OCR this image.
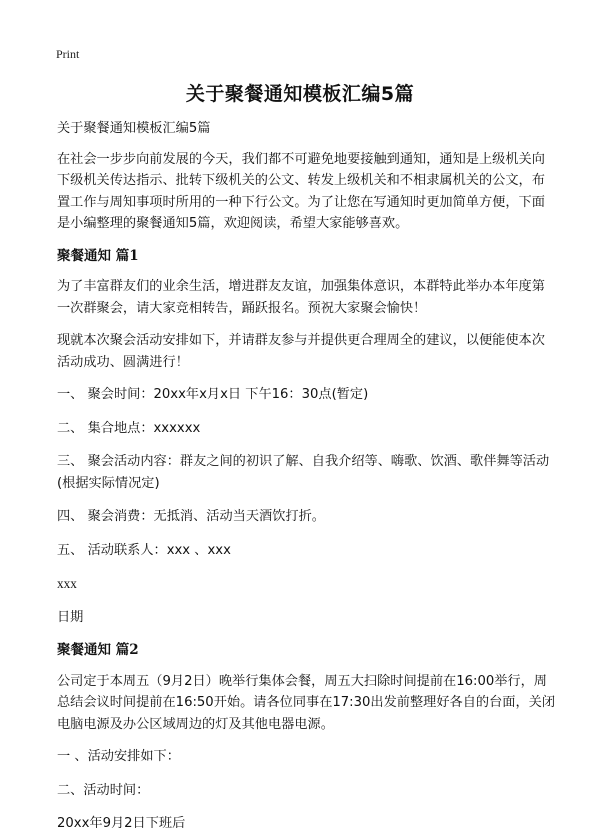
Print
关于聚餐通知模板汇编5篇

关于聚餐通知模板汇编5篇

在社会一步步向前发展的今天，我们都不可避免地要接触到通知，通知是上级机关向下级机关传达指示、批转下级机关的公文、转发上级机关和不相隶属机关的公文，布置工作与周知事项时所用的一种下行公文。为了让您在写通知时更加简单方便，下面是小编整理的聚餐通知5篇，欢迎阅读，希望大家能够喜欢。

聚餐通知 篇1

为了丰富群友们的业余生活，增进群友友谊，加强集体意识，本群特此举办本年度第一次群聚会，请大家竞相转告，踊跃报名。预祝大家聚会愉快！

现就本次聚会活动安排如下，并请群友参与并提供更合理周全的建议，以便能使本次活动成功、圆满进行！

一、 聚会时间：20xx年x月x日 下午16：30点(暂定)

二、 集合地点：xxxxxx

三、 聚会活动内容：群友之间的初识了解、自我介绍等、嗨歌、饮酒、歌伴舞等活动(根据实际情况定)

四、 聚会消费：无抵消、活动当天酒饮打折。

五、 活动联系人：xxx 、xxx

xxx

日期

聚餐通知 篇2

公司定于本周五（9月2日）晚举行集体会餐，周五大扫除时间提前在16:00举行，周总结会议时间提前在16:50开始。请各位同事在17:30出发前整理好各自的台面，关闭电脑电源及办公区域周边的灯及其他电器电源。

一 、活动安排如下：

二、活动时间：

20xx年9月2日下班后
